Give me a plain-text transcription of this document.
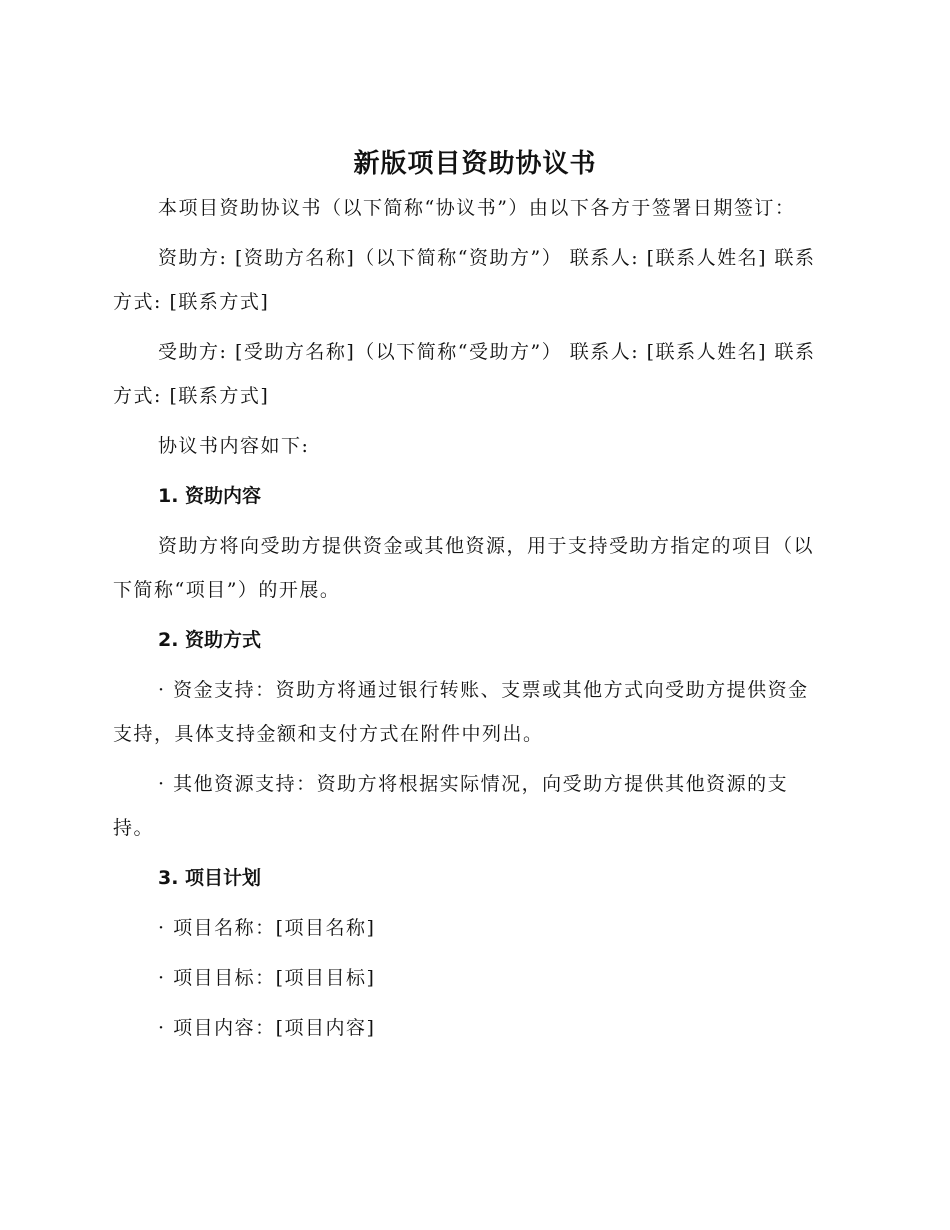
新版项目资助协议书

本项目资助协议书（以下简称“协议书”）由以下各方于签署日期签订：

资助方: [资助方名称]（以下简称“资助方”） 联系人: [联系人姓名] 联系方式: [联系方式]

受助方: [受助方名称]（以下简称“受助方”） 联系人: [联系人姓名] 联系方式: [联系方式]

协议书内容如下:

1. 资助内容

资助方将向受助方提供资金或其他资源，用于支持受助方指定的项目（以下简称“项目”）的开展。

2. 资助方式

· 资金支持：资助方将通过银行转账、支票或其他方式向受助方提供资金支持，具体支持金额和支付方式在附件中列出。

· 其他资源支持：资助方将根据实际情况，向受助方提供其他资源的支持。

3. 项目计划

· 项目名称：[项目名称]

· 项目目标：[项目目标]

· 项目内容：[项目内容]
